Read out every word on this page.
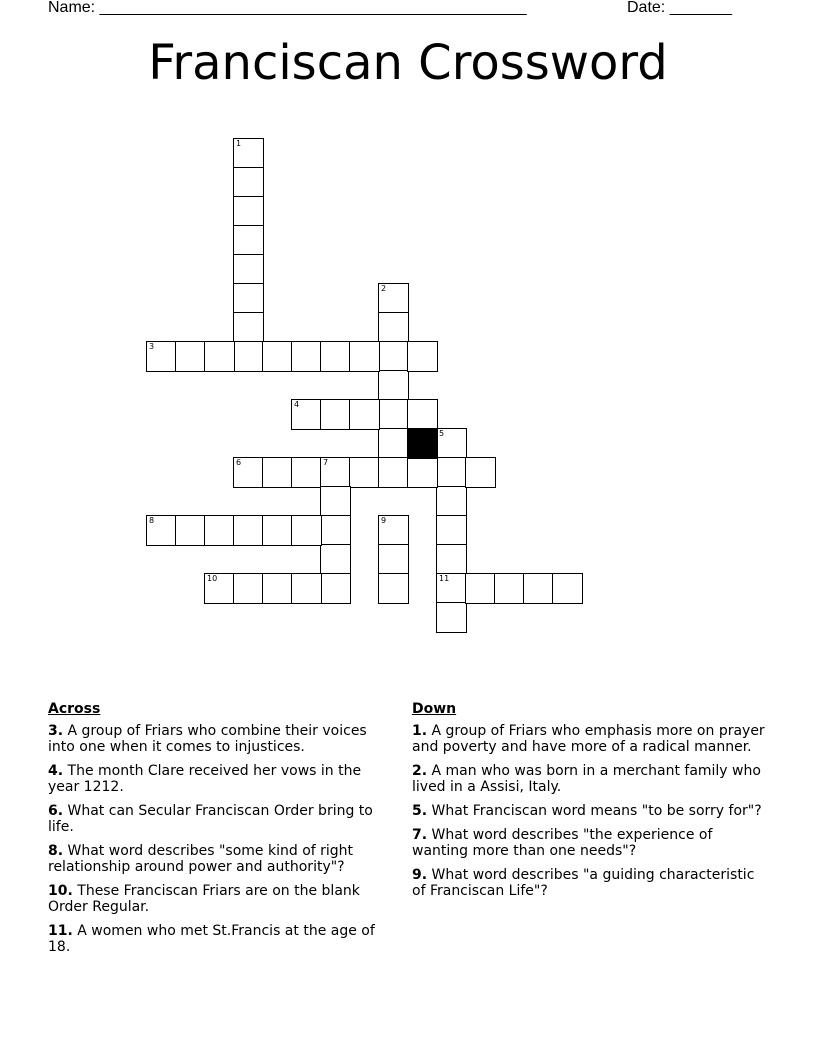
Name: ________________________________________________	Date: _______
Franciscan Crossword
1
2
3
4
5
11
6	7
8	9
10
Across
3. A group of Friars who combine their voices into one when it comes to injustices.
4. The month Clare received her vows in the year 1212.
6. What can Secular Franciscan Order bring to life.
8. What word describes "some kind of right relationship around power and authority"?
10. These Franciscan Friars are on the blank Order Regular.
11. A women who met St.Francis at the age of 18.
Down
1. A group of Friars who emphasis more on prayer and poverty and have more of a radical manner.
2. A man who was born in a merchant family who lived in a Assisi, Italy.
5. What Franciscan word means "to be sorry for"?
7. What word describes "the experience of wanting more than one needs"?
9. What word describes "a guiding characteristic of Franciscan Life"?
